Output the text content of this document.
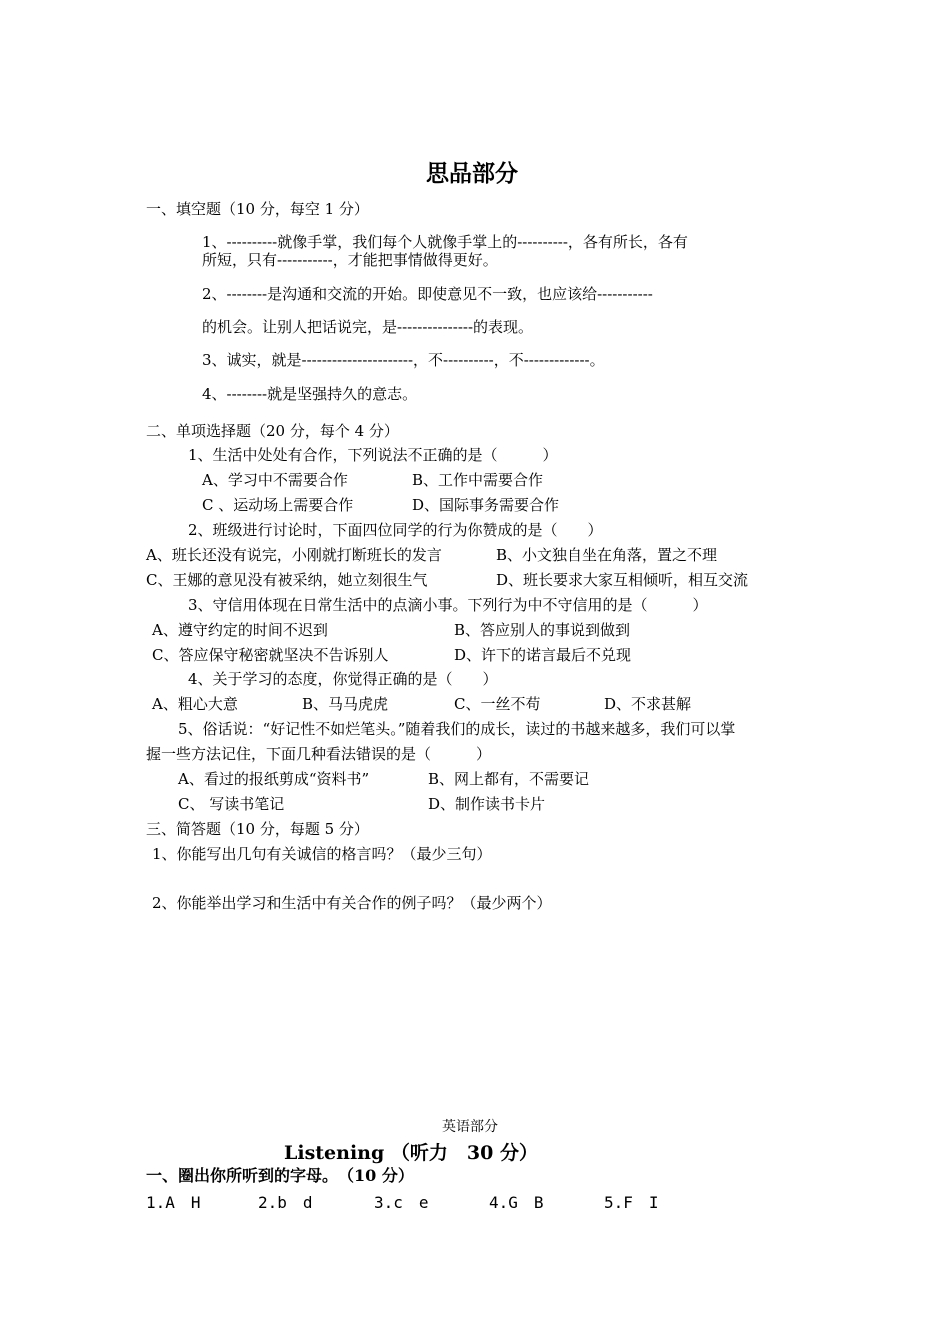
思品部分
一、填空题（10 分，每空 1 分）
1、----------就像手掌，我们每个人就像手掌上的----------，各有所长，各有
所短，只有-----------，才能把事情做得更好。
2、--------是沟通和交流的开始。即使意见不一致，也应该给-----------
的机会。让别人把话说完，是---------------的表现。
3、诚实，就是----------------------，不----------，不-------------。
4、--------就是坚强持久的意志。
二、单项选择题（20 分，每个 4 分）
1、生活中处处有合作，下列说法不正确的是（　　　）
A、学习中不需要合作	B、工作中需要合作
C 、运动场上需要合作	D、国际事务需要合作
2、班级进行讨论时，下面四位同学的行为你赞成的是（　　）
A、班长还没有说完，小刚就打断班长的发言	B、小文独自坐在角落，置之不理
C、王娜的意见没有被采纳，她立刻很生气	D、班长要求大家互相倾听，相互交流
3、守信用体现在日常生活中的点滴小事。下列行为中不守信用的是（　　　）
A、遵守约定的时间不迟到	B、答应别人的事说到做到
C、答应保守秘密就坚决不告诉别人	D、许下的诺言最后不兑现
4、关于学习的态度，你觉得正确的是（　　）
A、粗心大意	B、马马虎虎	C、一丝不苟	D、不求甚解
5、俗话说：“好记性不如烂笔头。”随着我们的成长，读过的书越来越多，我们可以掌
握一些方法记住，下面几种看法错误的是（　　　）
A、看过的报纸剪成“资料书”	B、网上都有，不需要记
C、 写读书笔记	D、制作读书卡片
三、简答题（10 分，每题 5 分）
1、你能写出几句有关诚信的格言吗？（最少三句）
2、你能举出学习和生活中有关合作的例子吗？（最少两个）
英语部分
Listening （听力　30 分）
一、圈出你所听到的字母。　（10 分）
1.A　H	2.b　d	3.c　e	4.G　B	5.F　I
